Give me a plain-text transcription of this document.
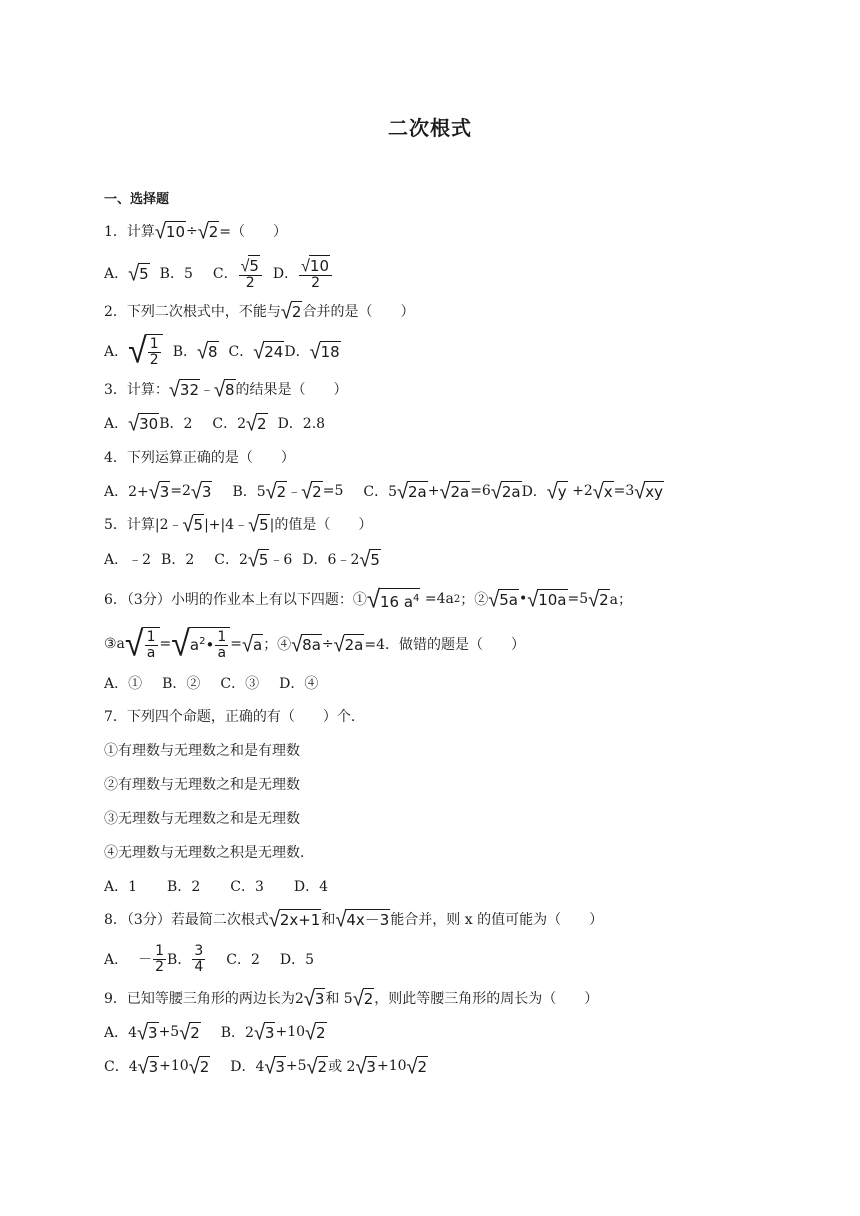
二次根式
一、选择题
1．计算 √ 10 ÷ √ 2 =（　　）
A． √ 5 B．5 C． $\frac{√ 5}{2}$ D． $\frac{√ 10}{2}$
2．下列二次根式中，不能与 √ 2 合并的是（　　）
A． √ $\frac{1}{2}$ B． √ 8 C． √ 24 D． √ 18
3．计算： √ 32 ﹣ √ 8 的结果是（　　）
A． √ 30 B．2 C．2 √ 2 D．2.8
4．下列运算正确的是（　　）
A．2+ √ 3 =2 √ 3 B．5 √ 2 ﹣ √ 2 =5 C．5 √ 2a + √ 2a =6 √ 2a D． √ y +2 √ x =3 √ xy
5．计算|2﹣ √ 5 |+|4﹣ √ 5 |的值是（　　）
A．﹣2 B．2 C．2 √ 5 ﹣6 D．6﹣2 √ 5
6．（3分）小明的作业本上有以下四题：① √ 16 $a^4 =4a$ 2 ；② √ 5a • √ 10a =5 √ 2 a；
③a √ $\frac{1}{a}$ = √ $a^2• \frac{1}{a}$ = √ a ；④ √ 8a ÷ √ 2a =4．做错的题是（　　）
A．① B．② C．③ D．④
7．下列四个命题，正确的有（　　）个．
①有理数与无理数之和是有理数
②有理数与无理数之和是无理数
③无理数与无理数之和是无理数
④无理数与无理数之积是无理数．
A．1 B．2 C．3 D．4
8．（3分）若最简二次根式 √ 2x+1 和 √ 4x－3 能合并，则 x 的值可能为（　　）
A． － $\frac{1}{2}$ B． $\frac{3}{4}$ C．2 D．5
9．已知等腰三角形的两边长为2 √ 3 和 5 √ 2 ，则此等腰三角形的周长为（　　）
A．4 √ 3 +5 √ 2 B．2 √ 3 +10 √ 2
C．4 √ 3 +10 √ 2 D．4 √ 3 +5 √ 2 或 2 √ 3 +10 √ 2
